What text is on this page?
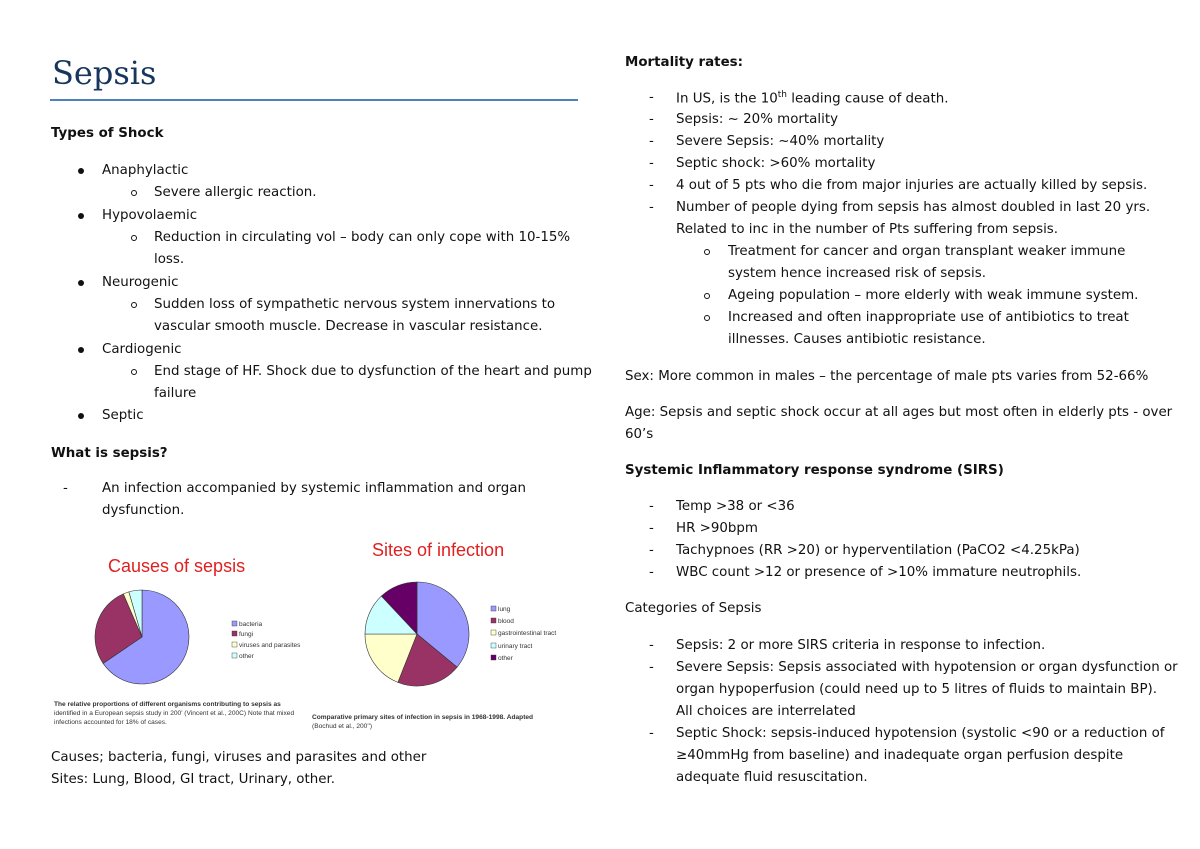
Sepsis
Types of Shock
Anaphylactic
Severe allergic reaction.
Hypovolaemic
Reduction in circulating vol – body can only cope with 10-15%
loss.
Neurogenic
Sudden loss of sympathetic nervous system innervations to
vascular smooth muscle. Decrease in vascular resistance.
Cardiogenic
End stage of HF. Shock due to dysfunction of the heart and pump
failure
Septic
What is sepsis?
-	An infection accompanied by systemic inflammation and organ
dysfunction.
Causes of sepsis
bacteria
fungi
viruses and parasites
other
The relative proportions of different organisms contributing to sepsis as identified in a European sepsis study in 200' (Vincent et al., 200C) Note that mixed infections accounted for 18% of cases.
Sites of infection
lung
blood
gastrointestinal tract
urinary tract
other
Comparative primary sites of infection in sepsis in 1968-1998. Adapted (Bochud et al., 200'')
Causes; bacteria, fungi, viruses and parasites and other
Sites: Lung, Blood, GI tract, Urinary, other.
Mortality rates:
- In US, is the 10th leading cause of death.
- Sepsis: ~ 20% mortality
- Severe Sepsis: ~40% mortality
- Septic shock: >60% mortality
- 4 out of 5 pts who die from major injuries are actually killed by sepsis.
- Number of people dying from sepsis has almost doubled in last 20 yrs.
Related to inc in the number of Pts suffering from sepsis.
Treatment for cancer and organ transplant weaker immune
system hence increased risk of sepsis.
Ageing population – more elderly with weak immune system.
Increased and often inappropriate use of antibiotics to treat
illnesses. Causes antibiotic resistance.
Sex: More common in males – the percentage of male pts varies from 52-66%
Age: Sepsis and septic shock occur at all ages but most often in elderly pts - over
60’s
Systemic Inflammatory response syndrome (SIRS)
- Temp >38 or <36
- HR >90bpm
- Tachypnoes (RR >20) or hyperventilation (PaCO2 <4.25kPa)
- WBC count >12 or presence of >10% immature neutrophils.
Categories of Sepsis
- Sepsis: 2 or more SIRS criteria in response to infection.
- Severe Sepsis: Sepsis associated with hypotension or organ dysfunction or
organ hypoperfusion (could need up to 5 litres of fluids to maintain BP).
All choices are interrelated
- Septic Shock: sepsis-induced hypotension (systolic <90 or a reduction of
≥40mmHg from baseline) and inadequate organ perfusion despite
adequate fluid resuscitation.
